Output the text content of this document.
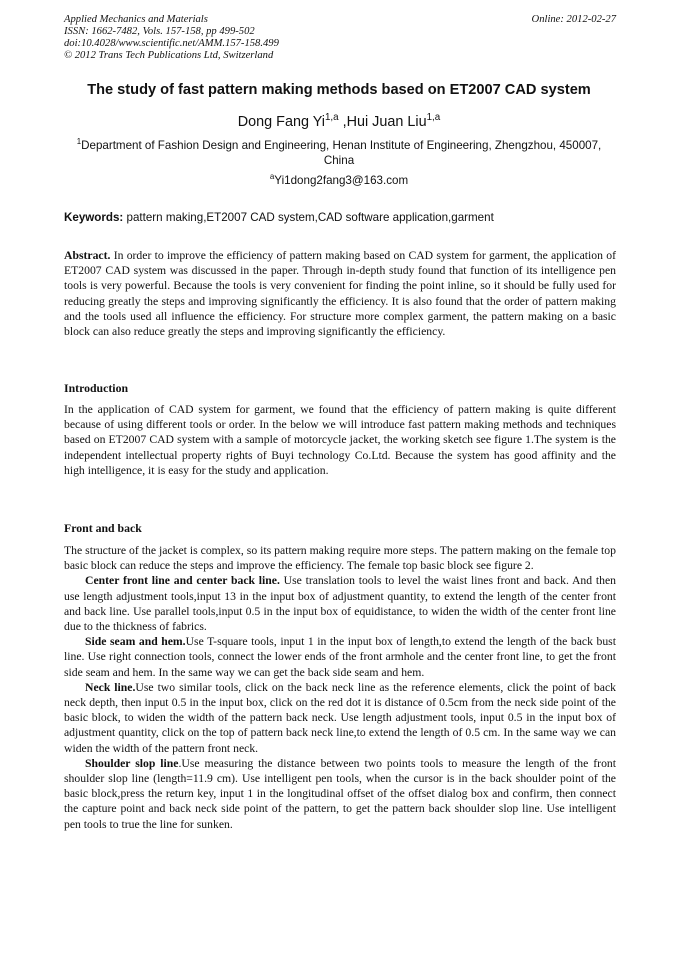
Applied Mechanics and Materials
ISSN: 1662-7482, Vols. 157-158, pp 499-502
doi:10.4028/www.scientific.net/AMM.157-158.499
© 2012 Trans Tech Publications Ltd, Switzerland
Online: 2012-02-27
The study of fast pattern making methods based on ET2007 CAD system
Dong Fang Yi$^{1,a}$ ,Hui Juan Liu$^{1,a}$
$^1$Department of Fashion Design and Engineering, Henan Institute of Engineering, Zhengzhou, 450007, China
$^a$Yi1dong2fang3@163.com
Keywords: pattern making,ET2007 CAD system,CAD software application,garment

Abstract. In order to improve the efficiency of pattern making based on CAD system for garment, the application of ET2007 CAD system was discussed in the paper. Through in-depth study found that function of its intelligence pen tools is very powerful. Because the tools is very convenient for finding the point inline, so it should be fully used for reducing greatly the steps and improving significantly the efficiency. It is also found that the order of pattern making and the tools used all influence the efficiency. For structure more complex garment, the pattern making on a basic block can also reduce greatly the steps and improving significantly the efficiency.

Introduction

In the application of CAD system for garment, we found that the efficiency of pattern making is quite different because of using different tools or order. In the below we will introduce fast pattern making methods and techniques based on ET2007 CAD system with a sample of motorcycle jacket, the working sketch see figure 1.The system is the independent intellectual property rights of Buyi technology Co.Ltd. Because the system has good affinity and the high intelligence, it is easy for the study and application.

Front and back

The structure of the jacket is complex, so its pattern making require more steps. The pattern making on the female top basic block can reduce the steps and improve the efficiency. The female top basic block see figure 2.

Center front line and center back line. Use translation tools to level the waist lines front and back. And then use length adjustment tools,input 13 in the input box of adjustment quantity, to extend the length of the center front and back line. Use parallel tools,input 0.5 in the input box of equidistance, to widen the width of the center front line due to the thickness of fabrics.

Side seam and hem.Use T-square tools, input 1 in the input box of length,to extend the length of the back bust line. Use right connection tools, connect the lower ends of the front armhole and the center front line, to get the front side seam and hem. In the same way we can get the back side seam and hem.

Neck line.Use two similar tools, click on the back neck line as the reference elements, click the point of back neck depth, then input 0.5 in the input box, click on the red dot it is distance of 0.5cm from the neck side point of the basic block, to widen the width of the pattern back neck. Use length adjustment tools, input 0.5 in the input box of adjustment quantity, click on the top of pattern back neck line,to extend the length of 0.5 cm. In the same way we can widen the width of the pattern front neck.

Shoulder slop line.Use measuring the distance between two points tools to measure the length of the front shoulder slop line (length=11.9 cm). Use intelligent pen tools, when the cursor is in the back shoulder point of the basic block,press the return key, input 1 in the longitudinal offset of the offset dialog box and confirm, then connect the capture point and back neck side point of the pattern, to get the pattern back shoulder slop line. Use intelligent pen tools to true the line for sunken.
